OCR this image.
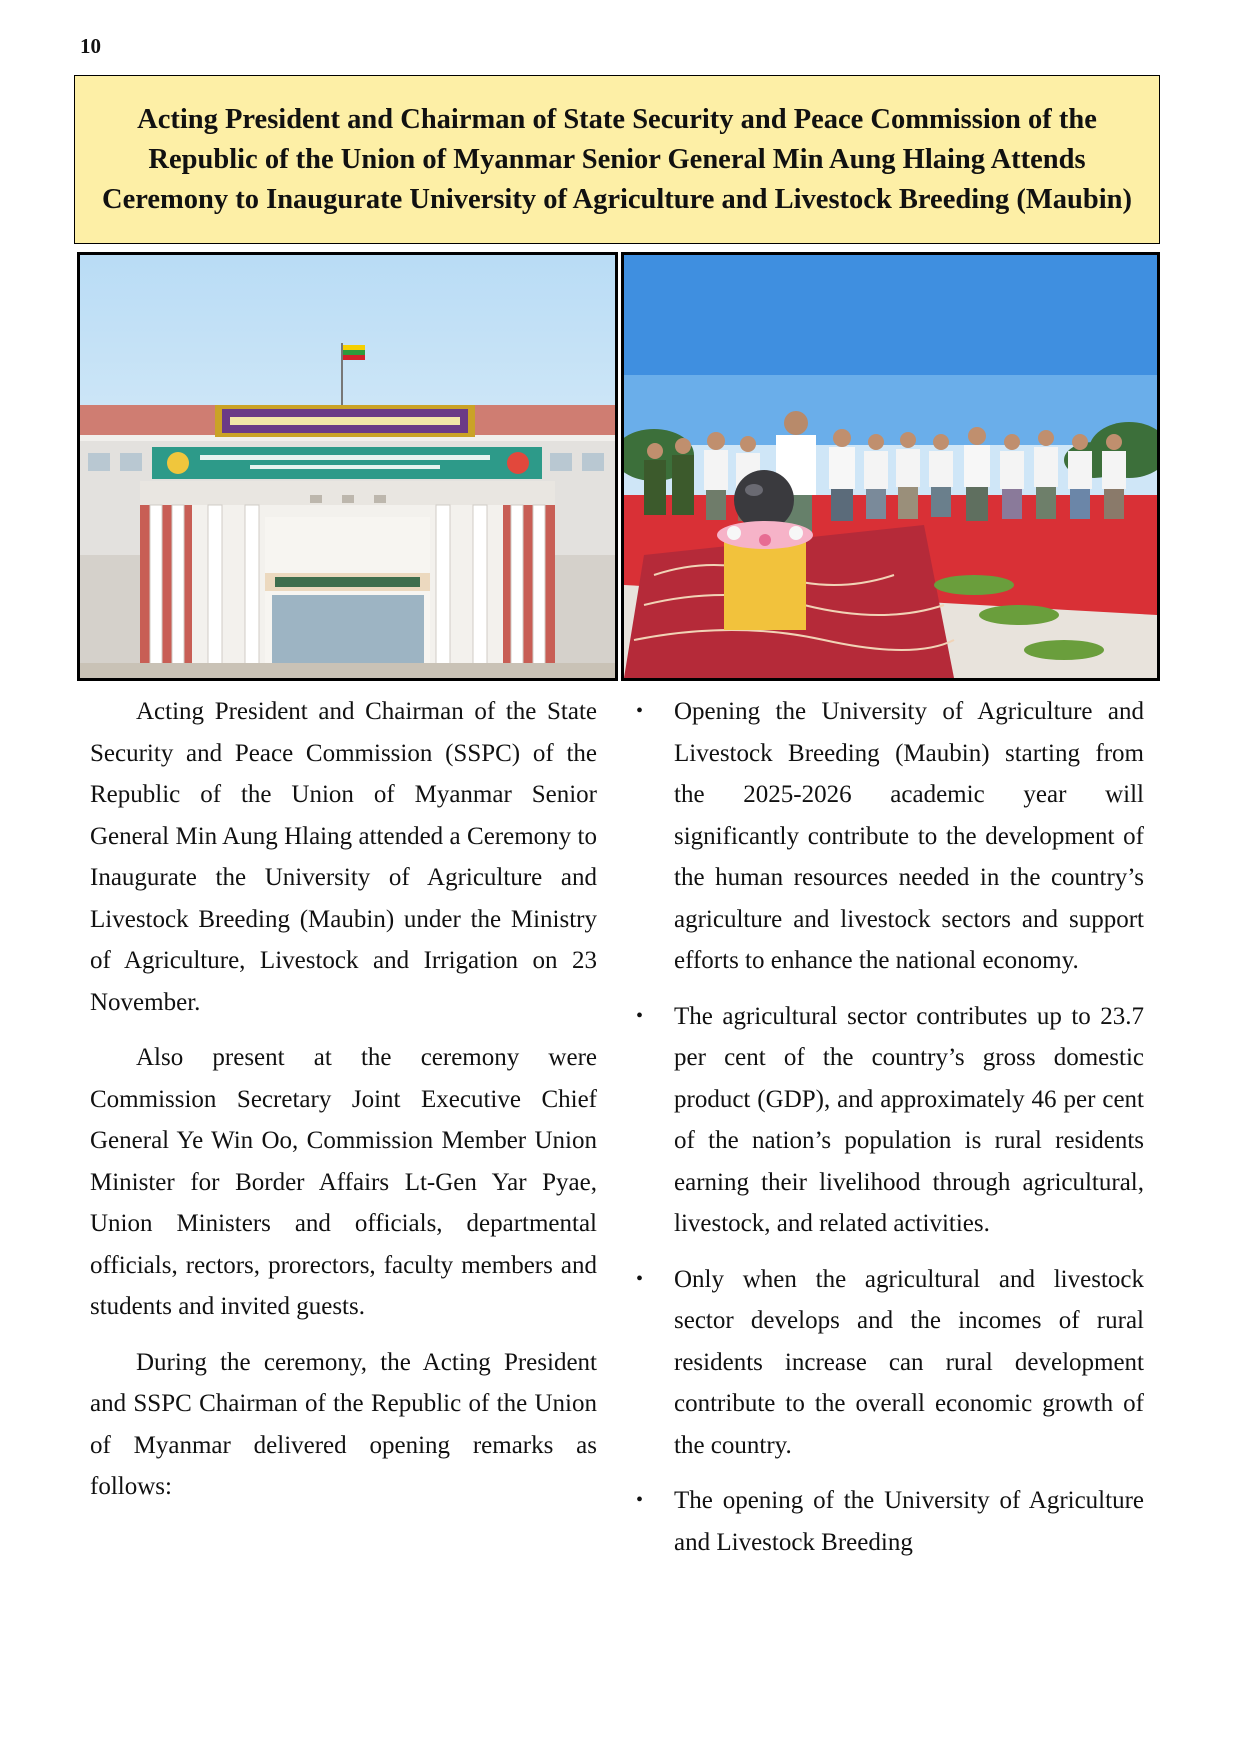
10
Acting President and Chairman of State Security and Peace Commission of the Republic of the Union of Myanmar Senior General Min Aung Hlaing Attends Ceremony to Inaugurate University of Agriculture and Livestock Breeding (Maubin)

Acting President and Chairman of the State Security and Peace Commission (SSPC) of the Republic of the Union of Myanmar Senior General Min Aung Hlaing attended a Ceremony to Inaugurate the University of Agriculture and Livestock Breeding (Maubin) under the Ministry of Agriculture, Livestock and Irrigation on 23 November.

Also present at the ceremony were Commission Secretary Joint Executive Chief General Ye Win Oo, Commission Member Union Minister for Border Affairs Lt-Gen Yar Pyae, Union Ministers and officials, departmental officials, rectors, prorectors, faculty members and students and invited guests.

During the ceremony, the Acting President and SSPC Chairman of the Republic of the Union of Myanmar delivered opening remarks as follows:

• Opening the University of Agriculture and Livestock Breeding (Maubin) starting from the 2025-2026 academic year will significantly contribute to the development of the human resources needed in the country’s agriculture and livestock sectors and support efforts to enhance the national economy.
• The agricultural sector contributes up to 23.7 per cent of the country’s gross domestic product (GDP), and approximately 46 per cent of the nation’s population is rural residents earning their livelihood through agricultural, livestock, and related activities.
• Only when the agricultural and livestock sector develops and the incomes of rural residents increase can rural development contribute to the overall economic growth of the country.
• The opening of the University of Agriculture and Livestock Breeding
